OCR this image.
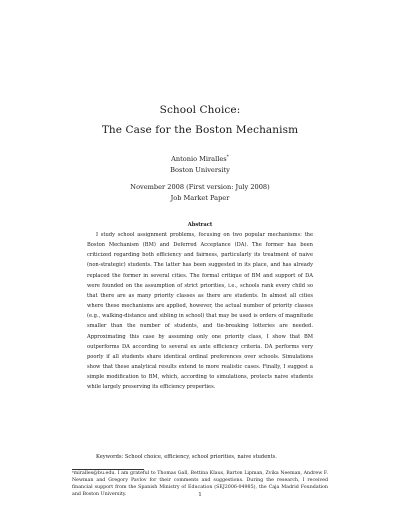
School Choice:
The Case for the Boston Mechanism
Antonio Miralles*
Boston University
November 2008 (First version: July 2008)
Job Market Paper
Abstract

I study school assignment problems, focusing on two popular mechanisms: the Boston Mechanism (BM) and Deferred Acceptance (DA). The former has been criticized regarding both efficiency and fairness, particularly its treatment of naive (non-strategic) students. The latter has been suggested in its place, and has already replaced the former in several cities. The formal critique of BM and support of DA were founded on the assumption of strict priorities, i.e., schools rank every child so that there are as many priority classes as there are students. In almost all cities where these mechanisms are applied, however, the actual number of priority classes (e.g., walking-distance and sibling in school) that may be used is orders of magnitude smaller than the number of students, and tie-breaking lotteries are needed. Approximating this case by assuming only one priority class, I show that BM outperforms DA according to several ex ante efficiency criteria. DA performs very poorly if all students share identical ordinal preferences over schools. Simulations show that these analytical results extend to more realistic cases. Finally, I suggest a simple modification to BM, which, according to simulations, protects naive students while largely preserving its efficiency properties.

Keywords: School choice, efficiency, school priorities, naive students.

*miralles@bu.edu. I am grateful to Thomas Gall, Bettina Klaus, Barton Lipman, Zvika Neeman, Andrew F. Newman and Gregory Pavlov for their comments and suggestions. During the research, I received financial support from the Spanish Ministry of Education (SEJ2006-04985), the Caja Madrid Foundation and Boston University.	1
